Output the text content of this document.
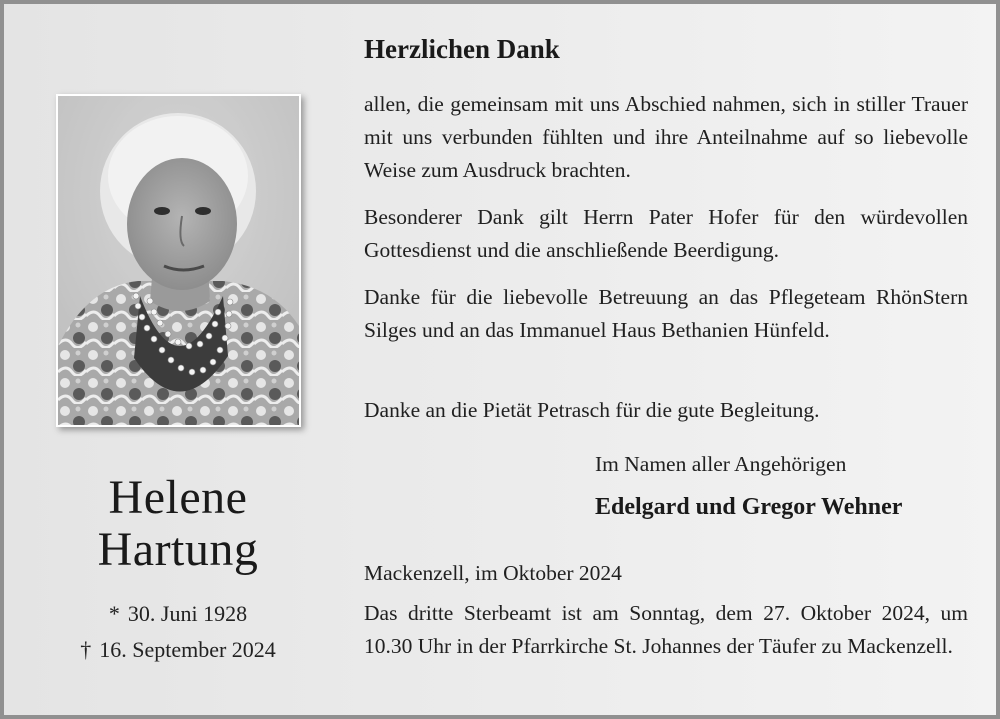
Helene
Hartung
* 30. Juni 1928
† 16. September 2024
Herzlichen Dank
allen, die gemeinsam mit uns Abschied nahmen, sich in stiller Trauer mit uns verbunden fühlten und ihre Anteilnahme auf so liebevolle Weise zum Ausdruck brachten.
Besonderer Dank gilt Herrn Pater Hofer für den würdevollen Gottesdienst und die anschließende Beerdigung.
Danke für die liebevolle Betreuung an das Pflegeteam RhönStern Silges und an das Immanuel Haus Bethanien Hünfeld.
Danke an die Pietät Petrasch für die gute Begleitung.
Im Namen aller Angehörigen
Edelgard und Gregor Wehner
Mackenzell, im Oktober 2024
Das dritte Sterbeamt ist am Sonntag, dem 27. Oktober 2024, um 10.30 Uhr in der Pfarrkirche St. Johannes der Täufer zu Mackenzell.
